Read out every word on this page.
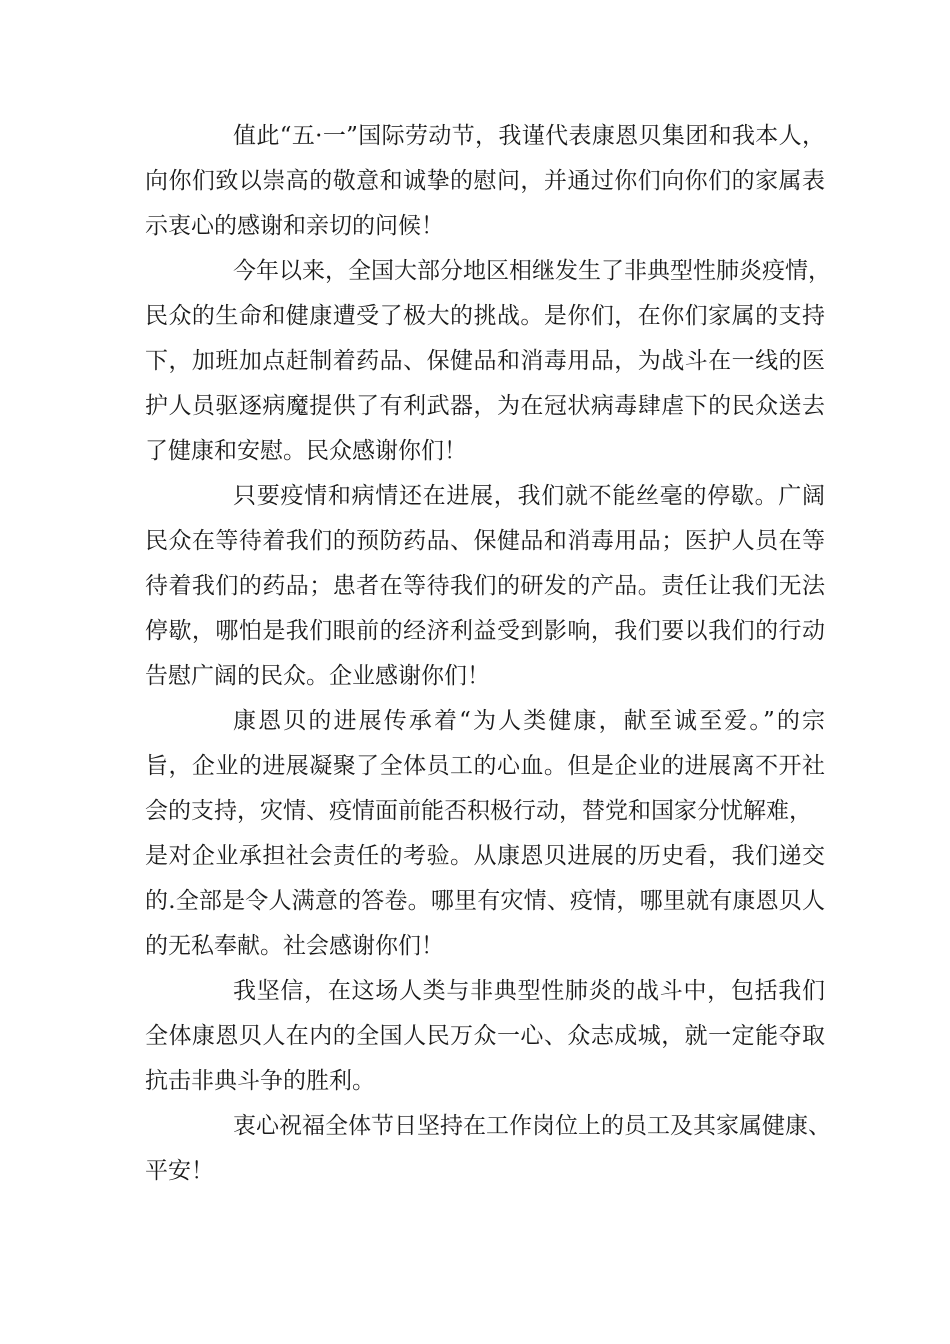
值此“五·一”国际劳动节，我谨代表康恩贝集团和我本人，
向你们致以崇高的敬意和诚挚的慰问，并通过你们向你们的家属表
示衷心的感谢和亲切的问候！
今年以来，全国大部分地区相继发生了非典型性肺炎疫情，
民众的生命和健康遭受了极大的挑战。是你们，在你们家属的支持
下，加班加点赶制着药品、保健品和消毒用品，为战斗在一线的医
护人员驱逐病魔提供了有利武器，为在冠状病毒肆虐下的民众送去
了健康和安慰。民众感谢你们！
只要疫情和病情还在进展，我们就不能丝毫的停歇。广阔
民众在等待着我们的预防药品、保健品和消毒用品；医护人员在等
待着我们的药品；患者在等待我们的研发的产品。责任让我们无法
停歇，哪怕是我们眼前的经济利益受到影响，我们要以我们的行动
告慰广阔的民众。企业感谢你们！
康恩贝的进展传承着“为人类健康，献至诚至爱。”的宗
旨，企业的进展凝聚了全体员工的心血。但是企业的进展离不开社
会的支持，灾情、疫情面前能否积极行动，替党和国家分忧解难，
是对企业承担社会责任的考验。从康恩贝进展的历史看，我们递交
的.全部是令人满意的答卷。哪里有灾情、疫情，哪里就有康恩贝人
的无私奉献。社会感谢你们！
我坚信，在这场人类与非典型性肺炎的战斗中，包括我们
全体康恩贝人在内的全国人民万众一心、众志成城，就一定能夺取
抗击非典斗争的胜利。
衷心祝福全体节日坚持在工作岗位上的员工及其家属健康、
平安！
